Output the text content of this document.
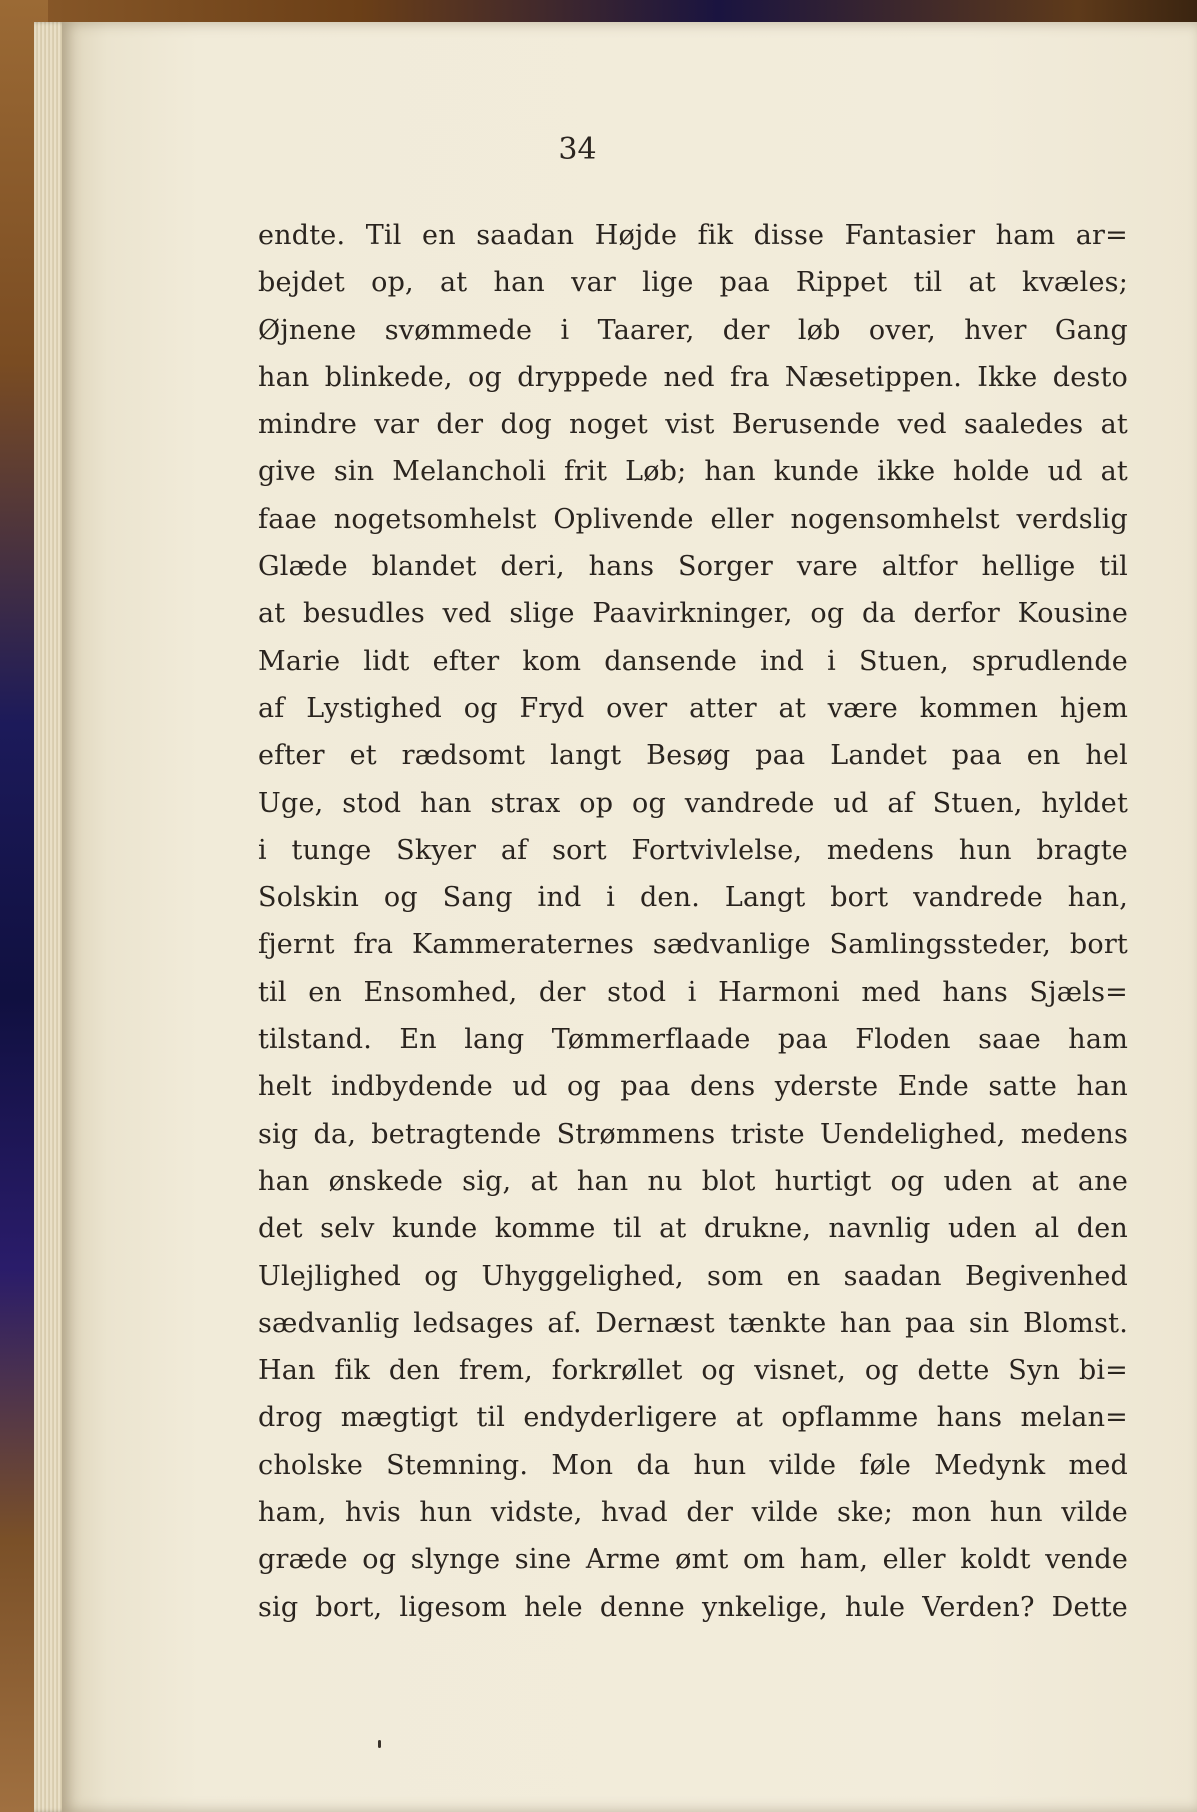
34
endte. Til en saadan Højde fik disse Fantasier ham ar=
bejdet op, at han var lige paa Rippet til at kvæles;
Øjnene svømmede i Taarer, der løb over, hver Gang
han blinkede, og dryppede ned fra Næsetippen. Ikke desto
mindre var der dog noget vist Berusende ved saaledes at
give sin Melancholi frit Løb; han kunde ikke holde ud at
faae nogetsomhelst Oplivende eller nogensomhelst verdslig
Glæde blandet deri, hans Sorger vare altfor hellige til
at besudles ved slige Paavirkninger, og da derfor Kousine
Marie lidt efter kom dansende ind i Stuen, sprudlende
af Lystighed og Fryd over atter at være kommen hjem
efter et rædsomt langt Besøg paa Landet paa en hel
Uge, stod han strax op og vandrede ud af Stuen, hyldet
i tunge Skyer af sort Fortvivlelse, medens hun bragte
Solskin og Sang ind i den. Langt bort vandrede han,
fjernt fra Kammeraternes sædvanlige Samlingssteder, bort
til en Ensomhed, der stod i Harmoni med hans Sjæls=
tilstand. En lang Tømmerflaade paa Floden saae ham
helt indbydende ud og paa dens yderste Ende satte han
sig da, betragtende Strømmens triste Uendelighed, medens
han ønskede sig, at han nu blot hurtigt og uden at ane
det selv kunde komme til at drukne, navnlig uden al den
Ulejlighed og Uhyggelighed, som en saadan Begivenhed
sædvanlig ledsages af. Dernæst tænkte han paa sin Blomst.
Han fik den frem, forkrøllet og visnet, og dette Syn bi=
drog mægtigt til endyderligere at opflamme hans melan=
cholske Stemning. Mon da hun vilde føle Medynk med
ham, hvis hun vidste, hvad der vilde ske; mon hun vilde
græde og slynge sine Arme ømt om ham, eller koldt vende
sig bort, ligesom hele denne ynkelige, hule Verden? Dette
